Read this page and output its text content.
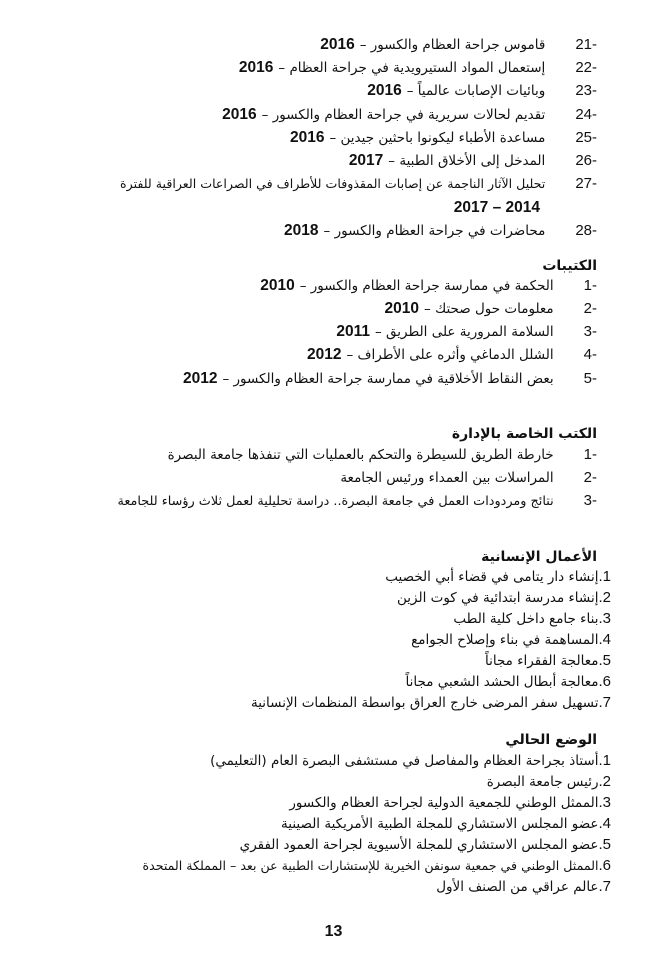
21-
قاموس جراحة العظام والكسور –
2016
22-
إستعمال المواد الستيرويدية في جراحة العظام –
2016
23-
وبائيات الإصابات عالمياً –
2016
24-
تقديم لحالات سريرية في جراحة العظام والكسور –
2016
25-
مساعدة الأطباء ليكونوا باحثين جيدين –
2016
26-
المدخل إلى الأخلاق الطبية –
2017
27-
تحليل الآثار الناجمة عن إصابات المقذوفات للأطراف في الصراعات العراقية للفترة
2014 – 2017
28-
محاضرات في جراحة العظام والكسور –
2018
الكتيبات
1-
الحكمة في ممارسة جراحة العظام والكسور –
2010
2-
معلومات حول صحتك –
2010
3-
السلامة المرورية على الطريق –
2011
4-
الشلل الدماغي وأثره على الأطراف –
2012
5-
بعض النقاط الأخلاقية في ممارسة جراحة العظام والكسور –
2012
الكتب الخاصة بالإدارة
1-
خارطة الطريق للسيطرة والتحكم بالعمليات التي تنفذها جامعة البصرة
2-
المراسلات بين العمداء ورئيس الجامعة
3-
نتائج ومردودات العمل في جامعة البصرة.. دراسة تحليلية لعمل ثلاث رؤساء للجامعة
الأعمال الإنسانية
1.إنشاء دار يتامى في قضاء أبي الخصيب
2.إنشاء مدرسة ابتدائية في كوت الزين
3.بناء جامع داخل كلية الطب
4.المساهمة في بناء وإصلاح الجوامع
5.معالجة الفقراء مجاناً
6.معالجة أبطال الحشد الشعبي مجاناً
7.تسهيل سفر المرضى خارج العراق بواسطة المنظمات الإنسانية
الوضع الحالي
1.أستاذ بجراحة العظام والمفاصل في مستشفى البصرة العام (التعليمي)
2.رئيس جامعة البصرة
3.الممثل الوطني للجمعية الدولية لجراحة العظام والكسور
4.عضو المجلس الاستشاري للمجلة الطبية الأمريكية الصينية
5.عضو المجلس الاستشاري للمجلة الأسيوية لجراحة العمود الفقري
6.الممثل الوطني في جمعية سونفن الخيرية للإستشارات الطبية عن بعد – المملكة المتحدة
7.عالم عراقي من الصنف الأول
13
